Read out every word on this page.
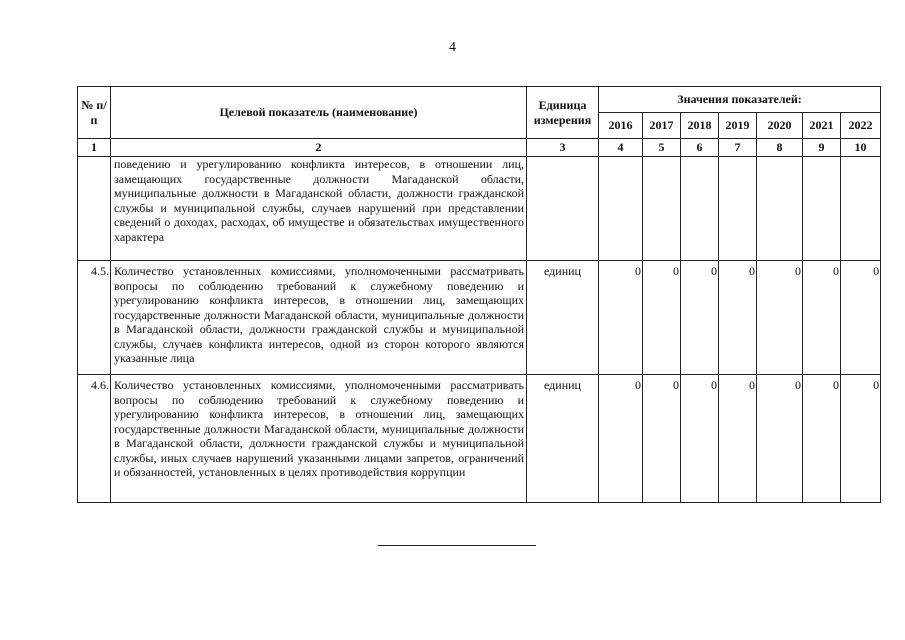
4
№ п/п	Целевой показатель (наименование)	Единица измерения	Значения показателей:						
			2016	2017	2018	2019	2020	2021	2022
1	2	3	4	5	6	7	8	9	10
	поведению и урегулированию конфликта интересов, в отношении лиц, замещающих государственные должности Магаданской области, муниципальные должности в Магаданской области, должности гражданской службы и муниципальной службы, случаев нарушений при представлении сведений о доходах, расходах, об имуществе и обязательствах имущественного характера								
4.5.	Количество установленных комиссиями, уполномоченными рассматривать вопросы по соблюдению требований к служебному поведению и урегулированию конфликта интересов, в отношении лиц, замещающих государственные должности Магаданской области, муниципальные должности в Магаданской области, должности гражданской службы и муниципальной службы, случаев конфликта интересов, одной из сторон которого являются указанные лица	единиц	0	0	0	0	0	0	0
4.6.	Количество установленных комиссиями, уполномоченными рассматривать вопросы по соблюдению требований к служебному поведению и урегулированию конфликта интересов, в отношении лиц, замещающих государственные должности Магаданской области, муниципальные должности в Магаданской области, должности гражданской службы и муниципальной службы, иных случаев нарушений указанными лицами запретов, ограничений и обязанностей, установленных в целях противодействия коррупции	единиц	0	0	0	0	0	0	0
